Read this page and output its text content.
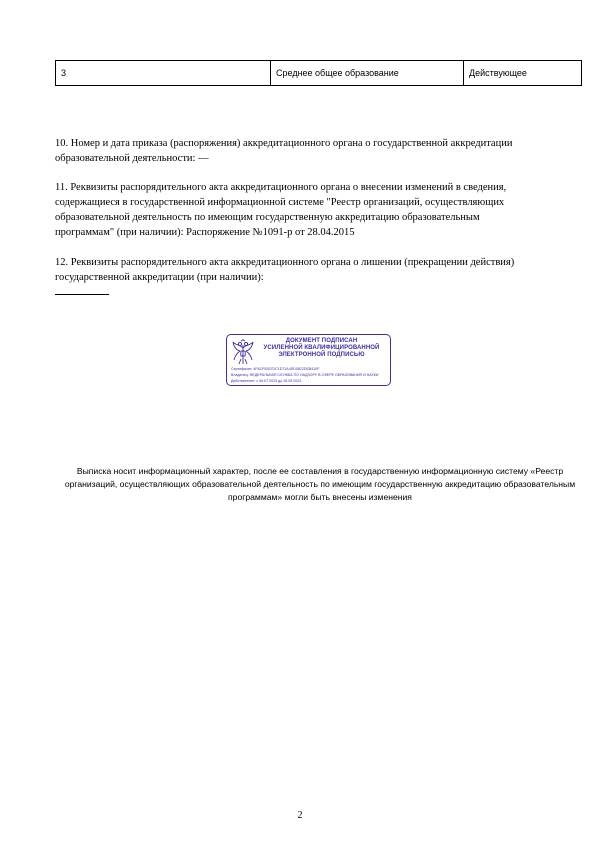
3	Среднее общее образование	Действующее
10. Номер и дата приказа (распоряжения) аккредитационного органа о государственной аккредитации
образовательной деятельности: —
11. Реквизиты распорядительного акта аккредитационного органа о внесении изменений в сведения,
содержащиеся в государственной информационной системе "Реестр организаций, осуществляющих
образовательной деятельность по имеющим государственную аккредитацию образовательным
программам" (при наличии): Распоряжение №1091-р от 28.04.2015
12. Реквизиты распорядительного акта аккредитационного органа о лишении (прекращении действия)
государственной аккредитации (при наличии):
ДОКУМЕНТ ПОДПИСАН
УСИЛЕННОЙ КВАЛИФИЦИРОВАННОЙ
ЭЛЕКТРОННОЙ ПОДПИСЬЮ
Сертификат: 4FACF8357DC1D71A4DD0822DEB410F
Владелец: ФЕДЕРАЛЬНАЯ СЛУЖБА ПО НАДЗОРУ В СФЕРЕ ОБРАЗОВАНИЯ И НАУКИ
Действителен: с 06.07.2023 до 28.09.2024
Выписка носит информационный характер, после ее составления в государственную информационную систему «Реестр
организаций, осуществляющих образовательной деятельность по имеющим государственную аккредитацию образовательным
программам» могли быть внесены изменения
2
